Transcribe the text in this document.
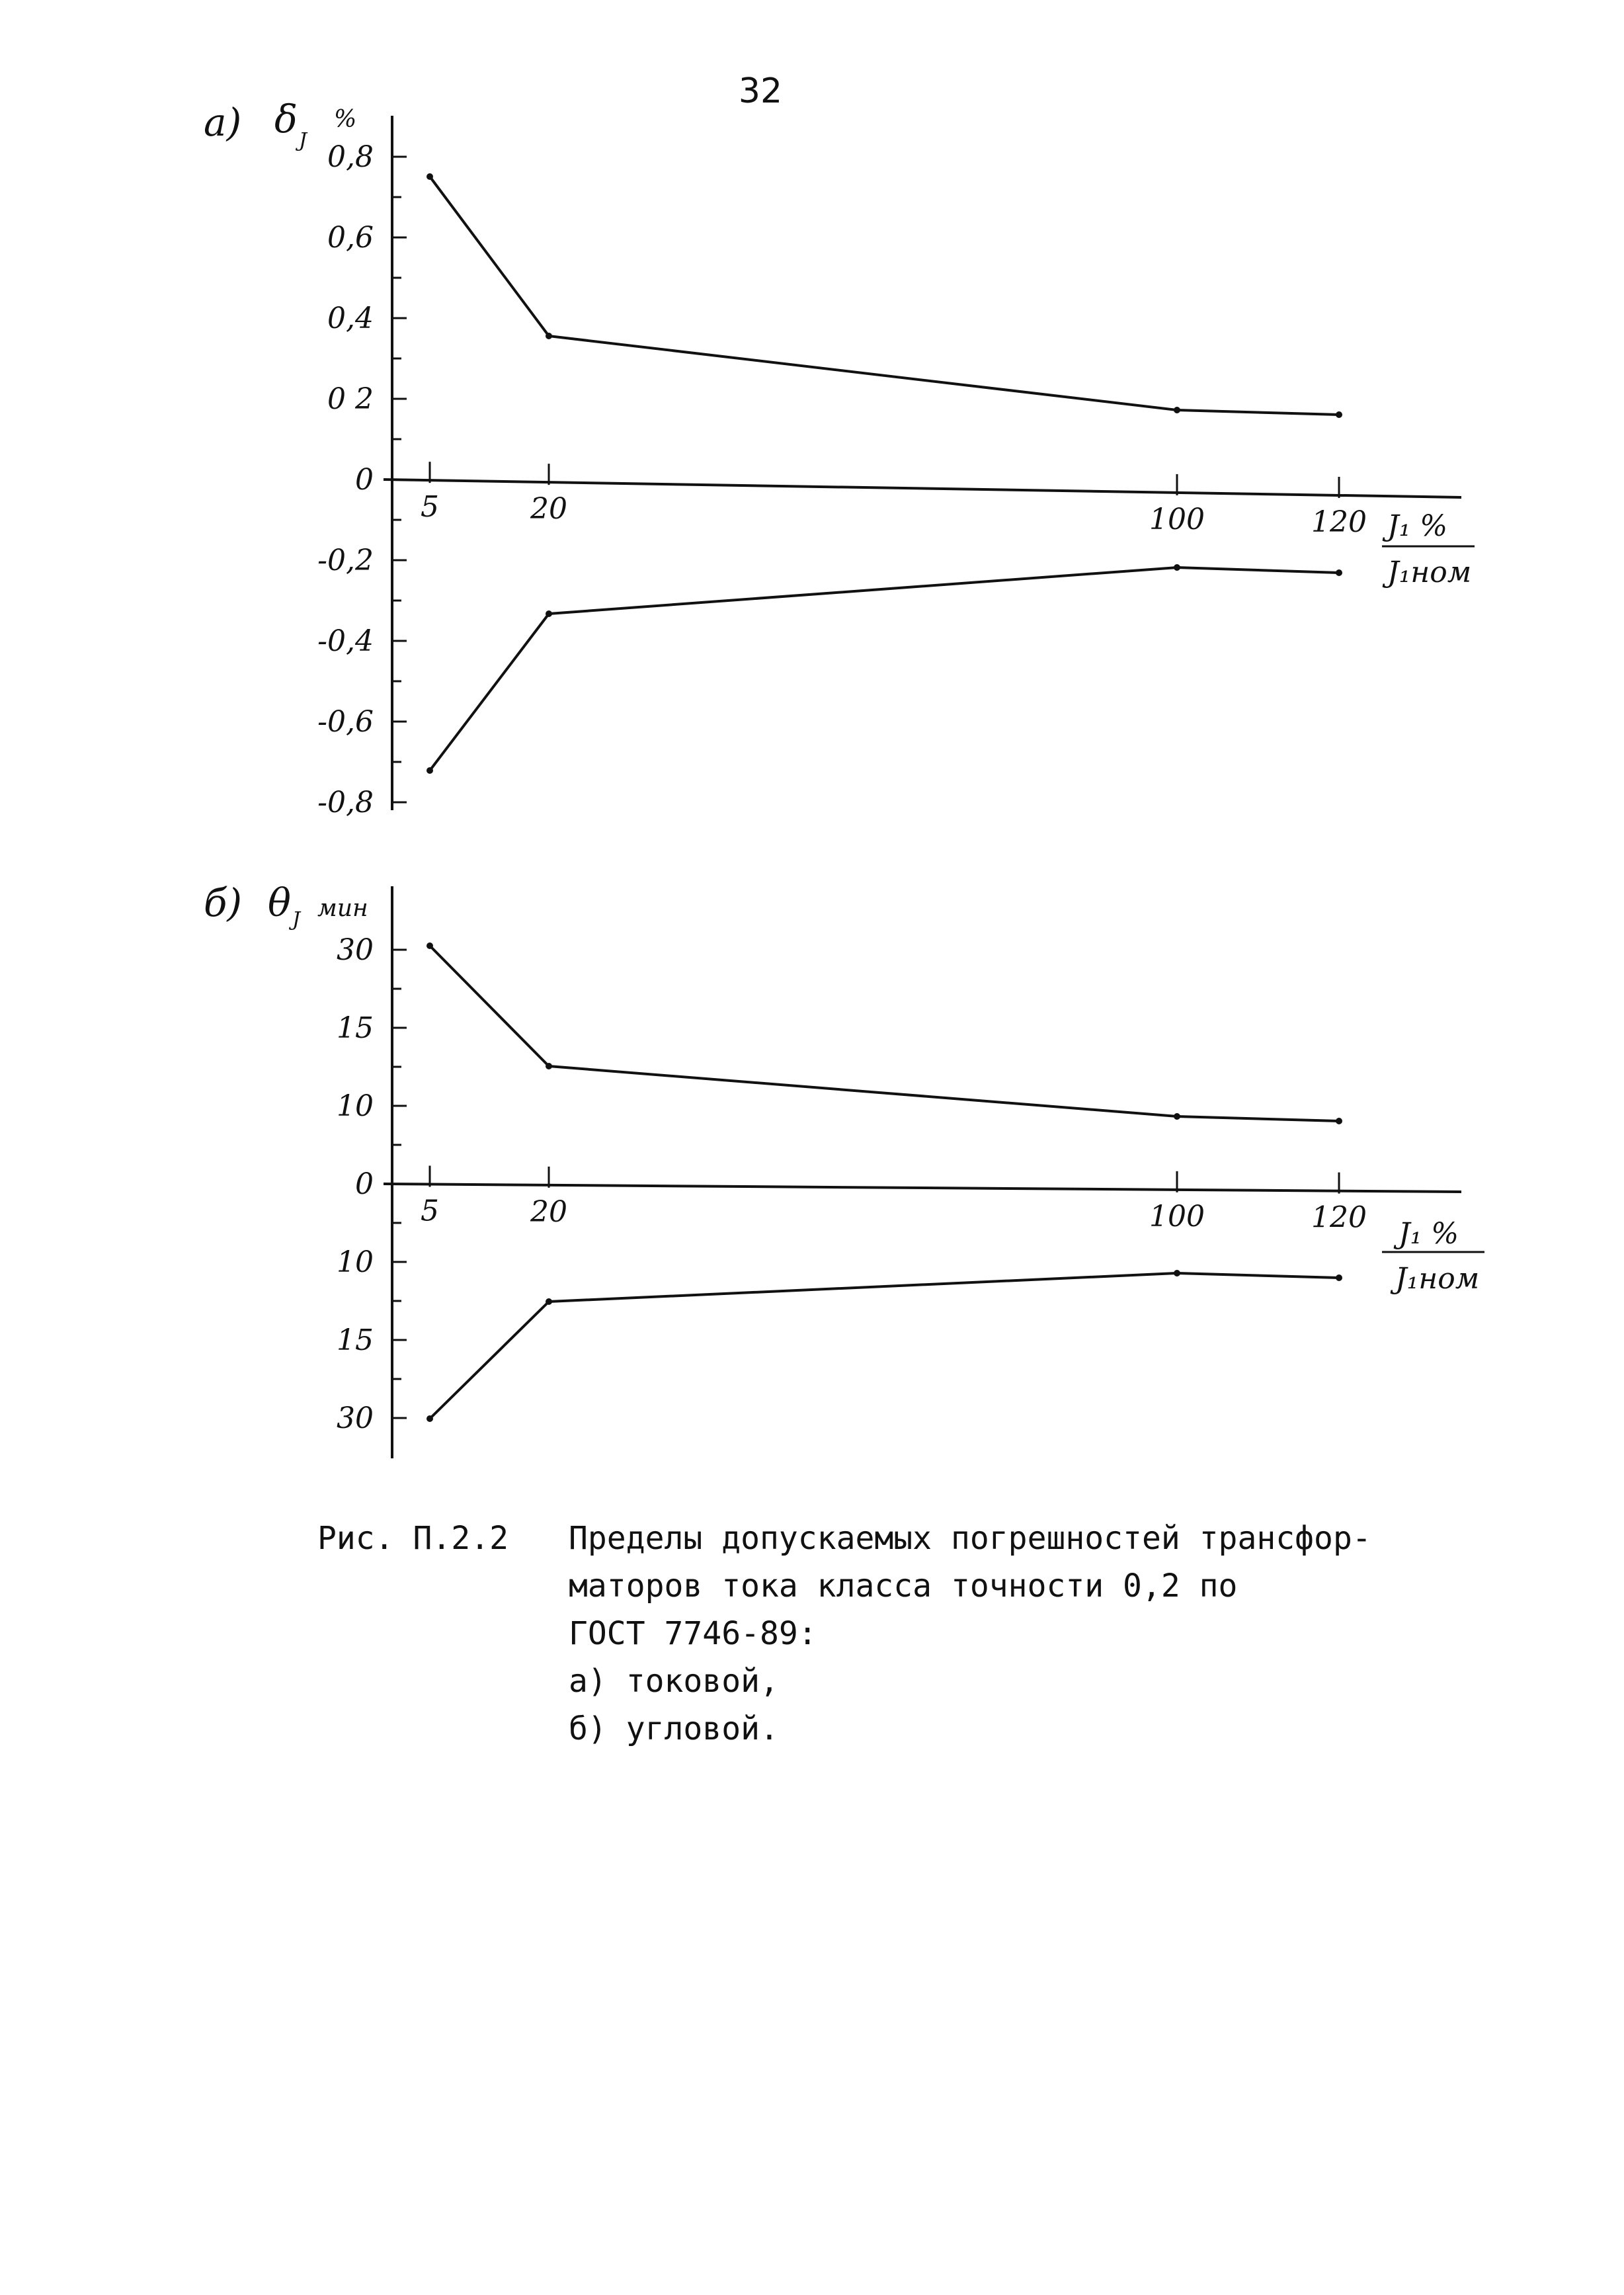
32
0,8
0,6
0,4
0 2
0
-0,2
-0,4
-0,6
-0,8
5	20	100	120
а) δ J
%
J₁ %
J₁ном
30
15
10
0
10
15
30
5	20	100	120
б) θ J мин
J₁ %
J₁ном
Рис. П.2.2 Пределы допускаемых погрешностей трансфор-
маторов тока класса точности 0,2 по
ГОСТ 7746-89:
а) токовой,
б) угловой.
